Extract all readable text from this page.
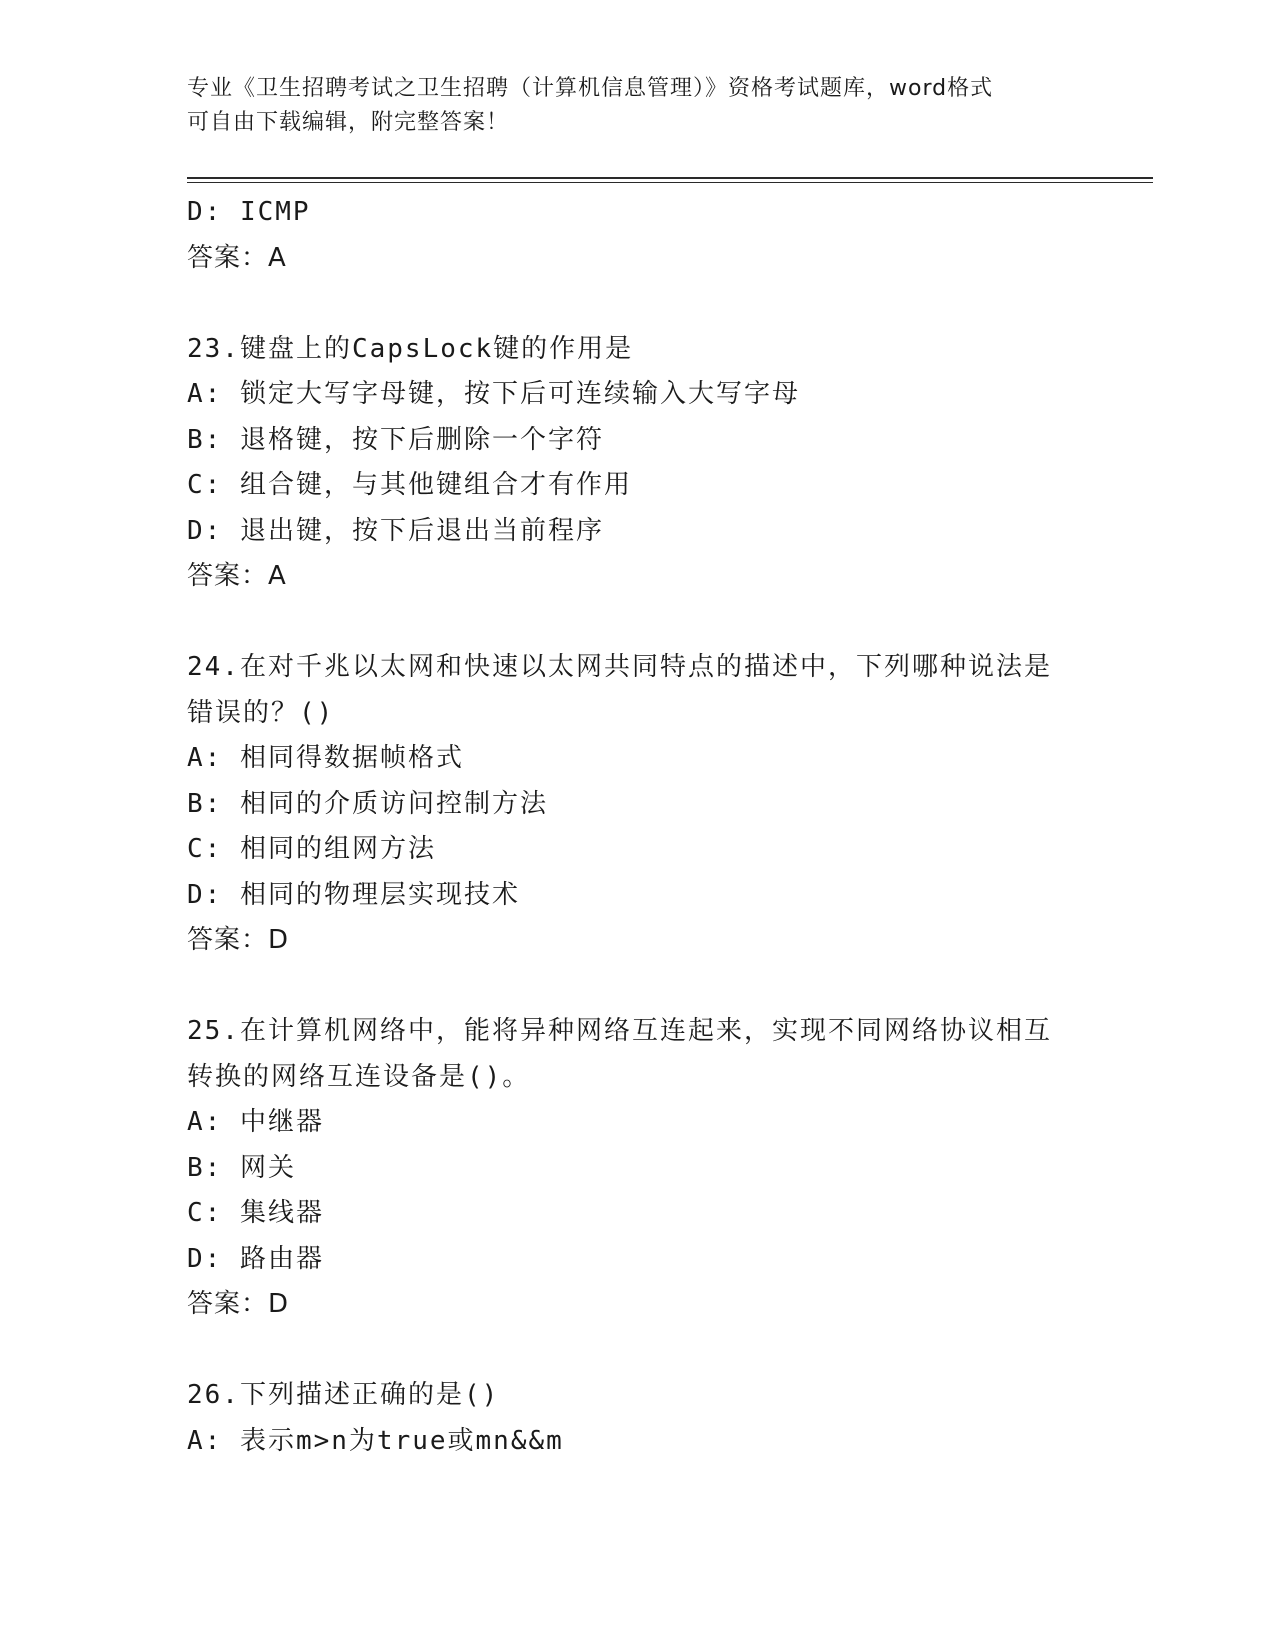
专业《卫生招聘考试之卫生招聘（计算机信息管理）》资格考试题库，word格式
可自由下载编辑，附完整答案！
D: ICMP
答案：A
23.键盘上的CapsLock键的作用是
A: 锁定大写字母键，按下后可连续输入大写字母
B: 退格键，按下后删除一个字符
C: 组合键，与其他键组合才有作用
D: 退出键，按下后退出当前程序
答案：A
24.在对千兆以太网和快速以太网共同特点的描述中，下列哪种说法是
错误的？()
A: 相同得数据帧格式
B: 相同的介质访问控制方法
C: 相同的组网方法
D: 相同的物理层实现技术
答案：D
25.在计算机网络中，能将异种网络互连起来，实现不同网络协议相互
转换的网络互连设备是()。
A: 中继器
B: 网关
C: 集线器
D: 路由器
答案：D
26.下列描述正确的是()
A: 表示m>n为true或mn&&m
